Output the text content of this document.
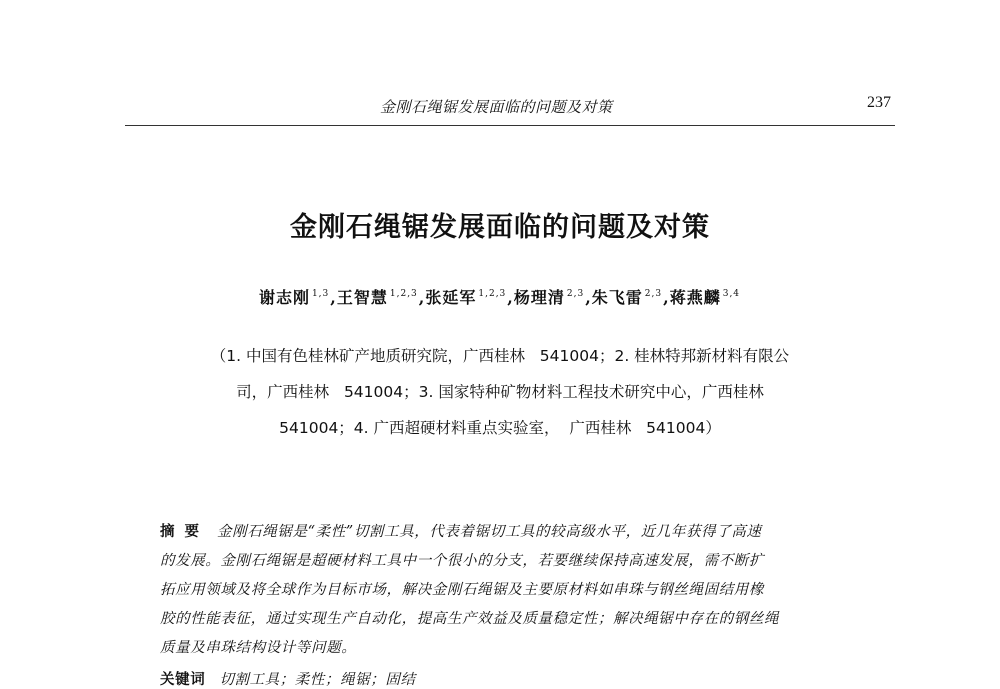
金刚石绳锯发展面临的问题及对策	237
金刚石绳锯发展面临的问题及对策
谢志刚 $^{1,3}$,王智慧 $^{1,2,3}$,张延军 $^{1,2,3}$,杨理清 $^{2,3}$,朱飞雷 $^{2,3}$,蒋燕麟 $^{3,4}$
（1. 中国有色桂林矿产地质研究院，广西桂林   541004；2. 桂林特邦新材料有限公
司，广西桂林   541004；3. 国家特种矿物材料工程技术研究中心，广西桂林
541004；4. 广西超硬材料重点实验室，  广西桂林   541004）
摘要 金刚石绳锯是“柔性”切割工具，代表着锯切工具的较高级水平，近几年获得了高速
的发展。金刚石绳锯是超硬材料工具中一个很小的分支，若要继续保持高速发展，需不断扩
拓应用领域及将全球作为目标市场，解决金刚石绳锯及主要原材料如串珠与钢丝绳固结用橡
胶的性能表征，通过实现生产自动化，提高生产效益及质量稳定性；解决绳锯中存在的钢丝绳
质量及串珠结构设计等问题。
关键词 切割工具；柔性；绳锯；固结
